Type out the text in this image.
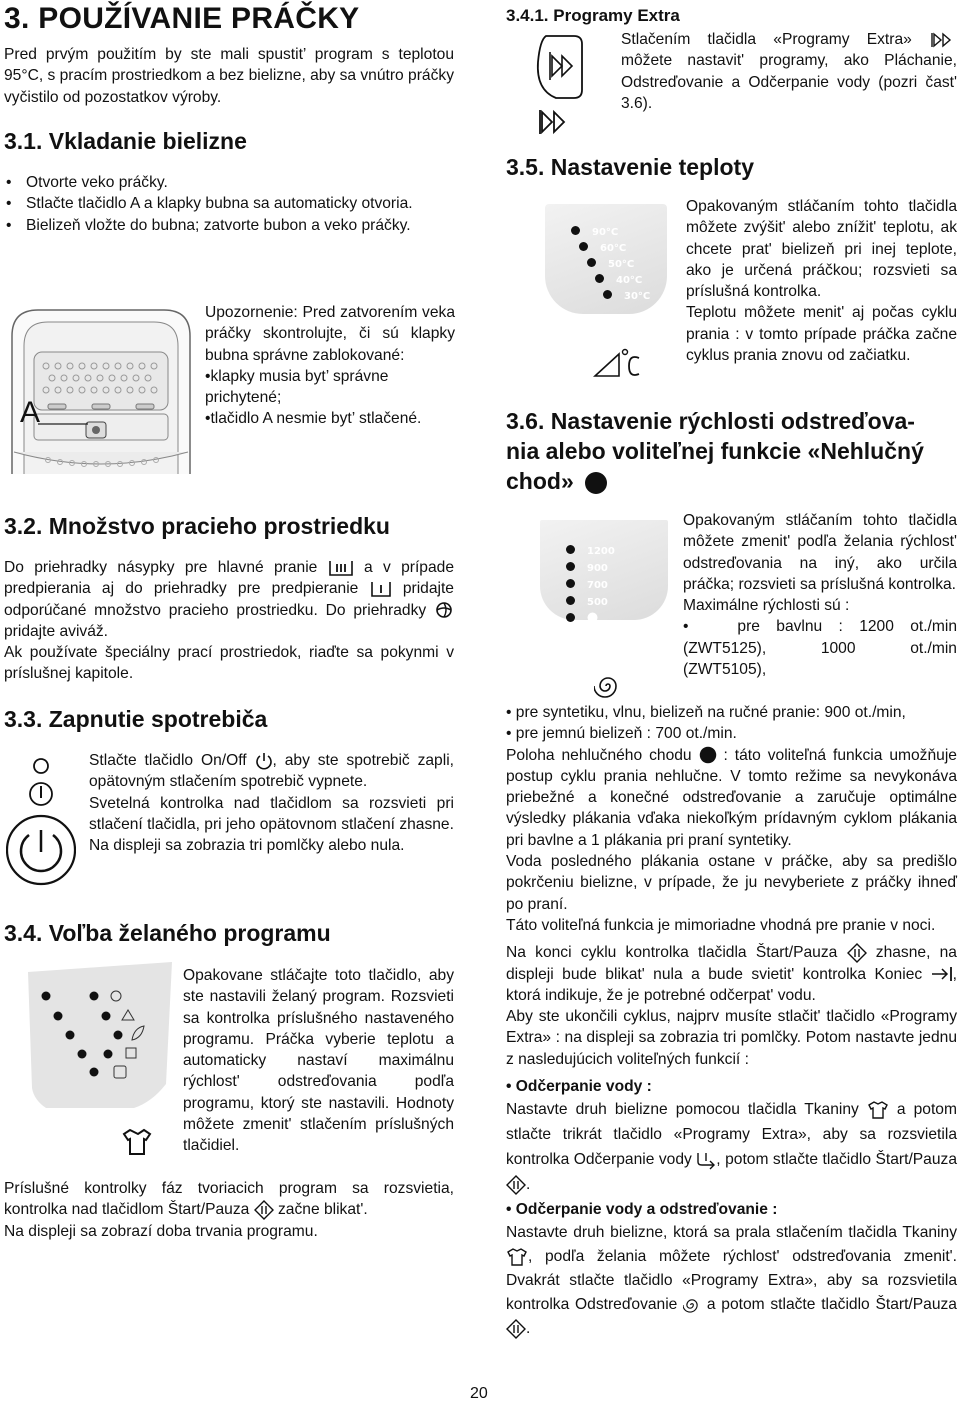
3. POUŽÍVANIE PRÁČKY
Pred prvým použitím by ste mali spustit’ program s teplotou 95°C, s pracím prostriedkom a bez bielizne, aby sa vnútro práčky vyčistilo od pozostatkov výroby.
3.1. Vkladanie bielizne
• Otvorte veko práčky.
• Stlačte tlačidlo A a klapky bubna sa automaticky otvoria.
• Bielizeň vložte do bubna; zatvorte bubon a veko práčky.
A
Upozornenie: Pred zatvorením veka práčky skontrolujte, či sú klapky bubna správne zablokované:
•klapky musia byt’ správne prichytené;
•tlačidlo A nesmie byt’ stlačené.
3.2. Množstvo pracieho prostriedku
Do priehradky násypky pre hlavné pranie	a v prípade predpierania aj do priehradky pre predpieranie	pridajte odporúčané množstvo pracieho prostriedku. Do priehradky  pridajte aviváž.
Ak používate špeciálny prací prostriedok, riaďte sa pokynmi v príslušnej kapitole.
3.3. Zapnutie spotrebiča
Stlačte tlačidlo On/Off , aby ste spotrebič zapli, opätovným stlačením spotrebič vypnete.
Svetelná kontrolka nad tlačidlom sa rozsvieti pri stlačení tlačidla, pri jeho opätovnom stlačení zhasne.
Na displeji sa zobrazia tri pomlčky alebo nula.
3.4. Voľba želaného programu
Opakovane stláčajte toto tlačidlo, aby ste nastavili želaný program. Rozsvieti sa kontrolka príslušného nastaveného programu. Práčka vyberie teplotu a automaticky nastaví maximálnu rýchlost' odstreďovania podľa programu, ktorý ste nastavili. Hodnoty môžete zmenit' stlačením príslušných tlačidiel.
Príslušné kontrolky fáz tvoriacich program sa rozsvietia, kontrolka nad tlačidlom Štart/Pauza začne blikat'.
Na displeji sa zobrazí doba trvania programu.
3.4.1. Programy Extra
Stlačením tlačidla «Programy Extra»  môžete nastavit' programy, ako Pláchanie, Odstreďovanie a Odčerpanie vody (pozri čast' 3.6).
3.5. Nastavenie teploty
90°C
60°C
50°C
40°C
30°C
Opakovaným stláčaním tohto tlačidla môžete zvýšit' alebo znížit' teplotu, ak chcete prat' bielizeň pri inej teplote, ako je určená práčkou; rozsvieti sa príslušná kontrolka.
Teplotu môžete menit' aj počas cyklu prania : v tomto prípade práčka začne cyklus prania znovu od začiatku.
3.6. Nastavenie rýchlosti odstreďova-
nia alebo voliteľnej funkcie «Nehlučný
chod»
1200
900
700
500
Opakovaným stláčaním tohto tlačidla môžete zmenit' podľa želania rýchlost' odstreďovania na iný, ako určila práčka; rozsvieti sa príslušná kontrolka.
Maximálne rýchlosti sú :
•   pre bavlnu : 1200 ot./min
(ZWT5125), 1000 ot./min
(ZWT5105),
• pre syntetiku, vlnu, bielizeň na ručné pranie: 900 ot./min,
• pre jemnú bielizeň : 700 ot./min.
Poloha nehlučného chodu : táto voliteľná funkcia umožňuje postup cyklu prania nehlučne. V tomto režime sa nevykonáva priebežné a konečné odstreďovanie a zaručuje optimálne výsledky plákania vďaka niekoľkým prídavným cyklom plákania pri bavlne a 1 plákania pri praní syntetiky.
Voda posledného plákania ostane v práčke, aby sa predišlo pokrčeniu bielizne, v prípade, že ju nevyberiete z práčky ihneď po praní.
Táto voliteľná funkcia je mimoriadne vhodná pre pranie v noci.
Na konci cyklu kontrolka tlačidla Štart/Pauza zhasne, na displeji bude blikat' nula a bude svietit' kontrolka Koniec , ktorá indikuje, že je potrebné odčerpat' vodu.
Aby ste ukončili cyklus, najprv musíte stlačit' tlačidlo «Programy Extra» : na displeji sa zobrazia tri pomlčky. Potom nastavte jednu z nasledujúcich voliteľných funkcií :
• Odčerpanie vody :
Nastavte druh bielizne pomocou tlačidla Tkaniny a potom stlačte trikrát tlačidlo «Programy Extra», aby sa rozsvietila kontrolka Odčerpanie vody , potom stlačte tlačidlo Štart/Pauza .
• Odčerpanie vody a odstreďovanie :
Nastavte druh bielizne, ktorá sa prala stlačením tlačidla Tkaniny , podľa želania môžete rýchlost' odstreďovania zmenit'. Dvakrát stlačte tlačidlo «Programy Extra», aby sa rozsvietila kontrolka Odstreďovanie a potom stlačte tlačidlo Štart/Pauza .
20
